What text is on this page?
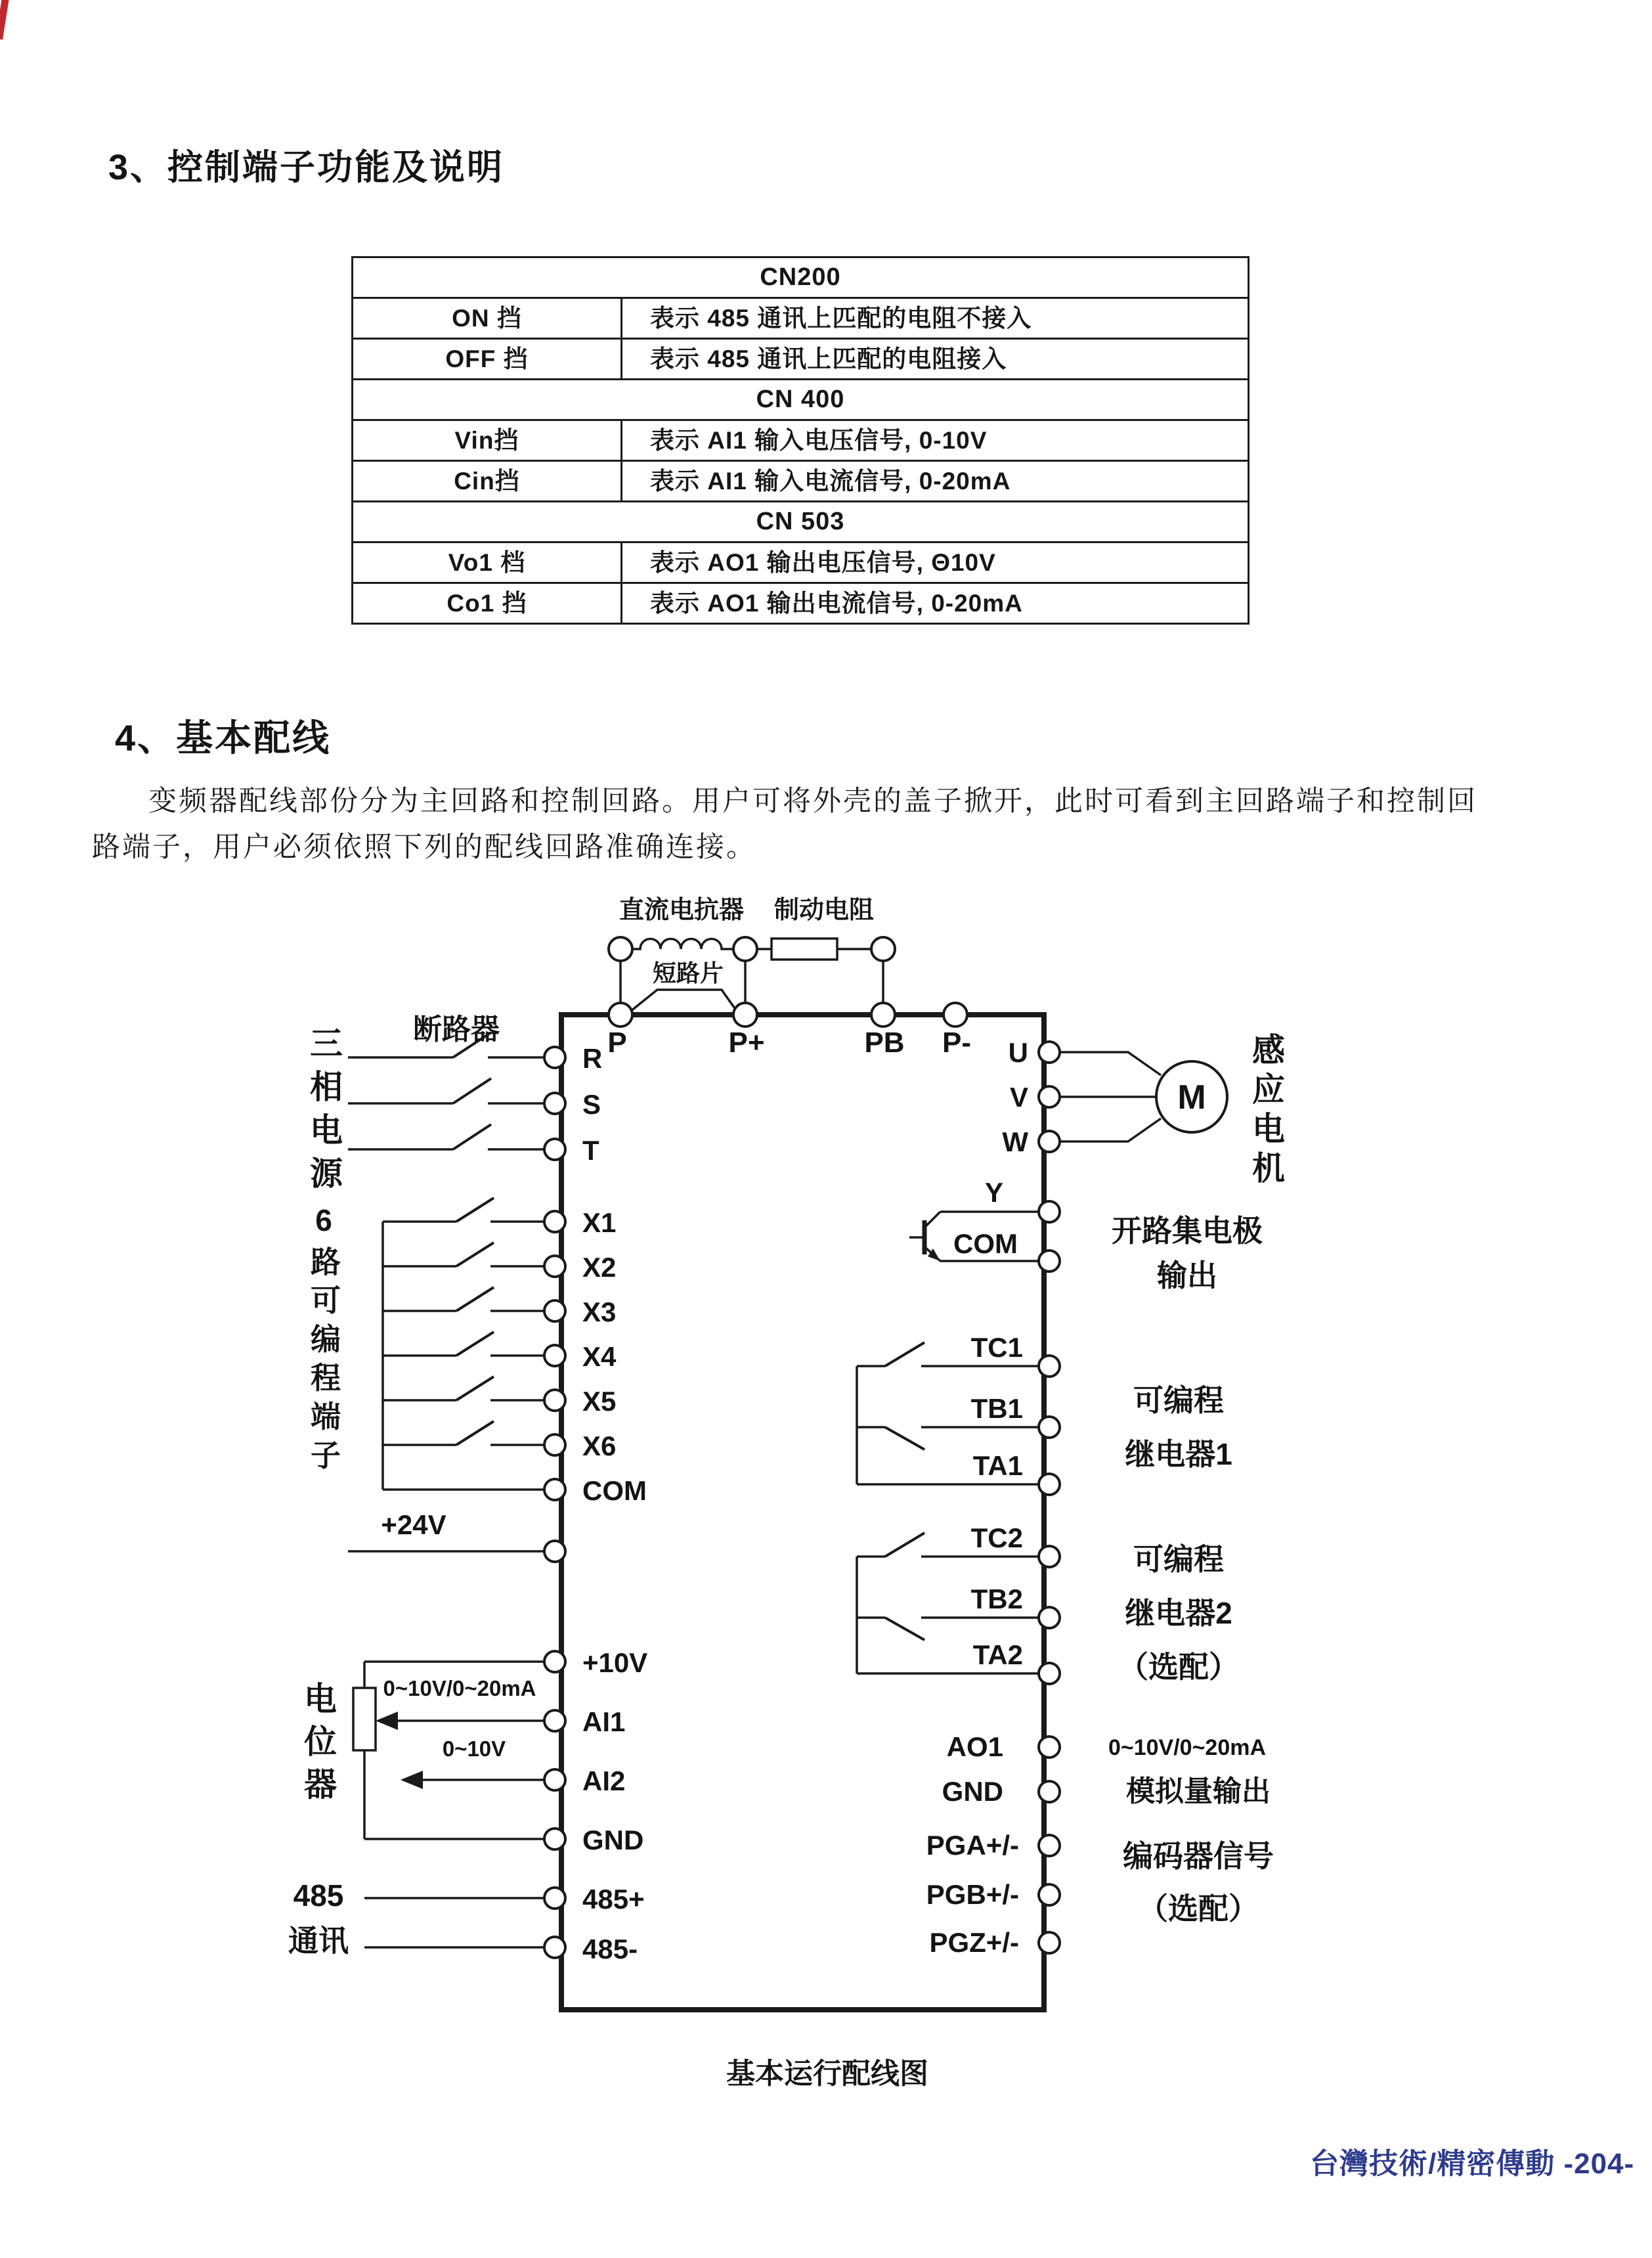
3、控制端子功能及说明
CN200
ON 挡	表示 485 通讯上匹配的电阻不接入
OFF 挡	表示 485 通讯上匹配的电阻接入
CN 400
Vin挡	表示 AI1 输入电压信号, 0-10V
Cin挡	表示 AI1 输入电流信号, 0-20mA
CN 503
Vo1 档	表示 AO1 输出电压信号, Θ10V
Co1 挡	表示 AO1 输出电流信号, 0-20mA
4、基本配线
变频器配线部份分为主回路和控制回路。用户可将外壳的盖子掀开，此时可看到主回路端子和控制回
路端子，用户必须依照下列的配线回路准确连接。
直流电抗器 制动电阻
短路片
P	P+	PB P-
断路器
R
S
T
X1
X2
X3
X4
X5
X6
COM
+24V
+10V
0~10V/0~20mA
AI1
0~10V
AI2
GND
485+
485-
U
V
W
M
Y
COM	开路集电极
输出
TC1
TB1
TA1
可编程
继电器1
TC2
TB2
TA2
可编程
继电器2
（选配）
AO1	0~10V/0~20mA
GND	模拟量输出
PGA+/-
PGB+/-
PGZ+/-
编码器信号
（选配）
基本运行配线图
三相电源
6路可编程端子
电位器
感应电机
485
通讯
台灣技術/精密傳動 -204-
